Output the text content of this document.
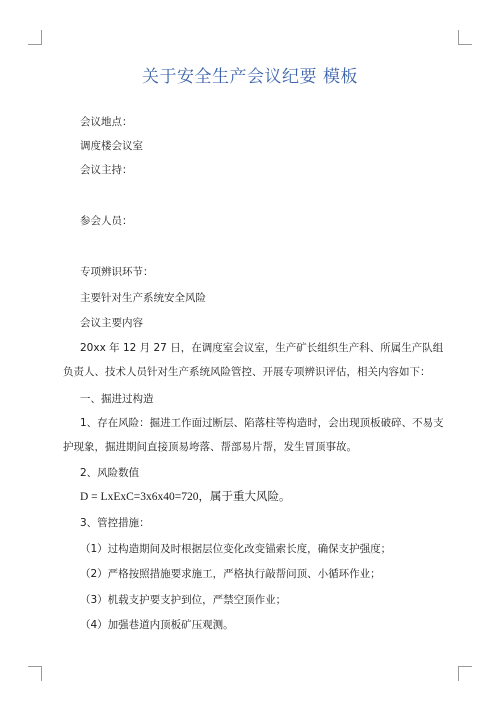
关于安全生产会议纪要 模板
会议地点：
调度楼会议室
会议主持：
参会人员：
专项辨识环节：
主要针对生产系统安全风险
会议主要内容
20xx 年 12 月 27 日，在调度室会议室，生产矿长组织生产科、所属生产队组负责人、技术人员针对生产系统风险管控、开展专项辨识评估，相关内容如下：
一、掘进过构造
1、存在风险：掘进工作面过断层、陷落柱等构造时，会出现顶板破碎、不易支护现象，掘进期间直接顶易垮落、帮部易片帮，发生冒顶事故。
2、风险数值
D = LxExC=3x6x40=720，属于重大风险。
3、管控措施：
（1）过构造期间及时根据层位变化改变锚索长度，确保支护强度；
（2）严格按照措施要求施工，严格执行敲帮问顶、小循环作业；
（3）机载支护要支护到位，严禁空顶作业；
（4）加强巷道内顶板矿压观测。
